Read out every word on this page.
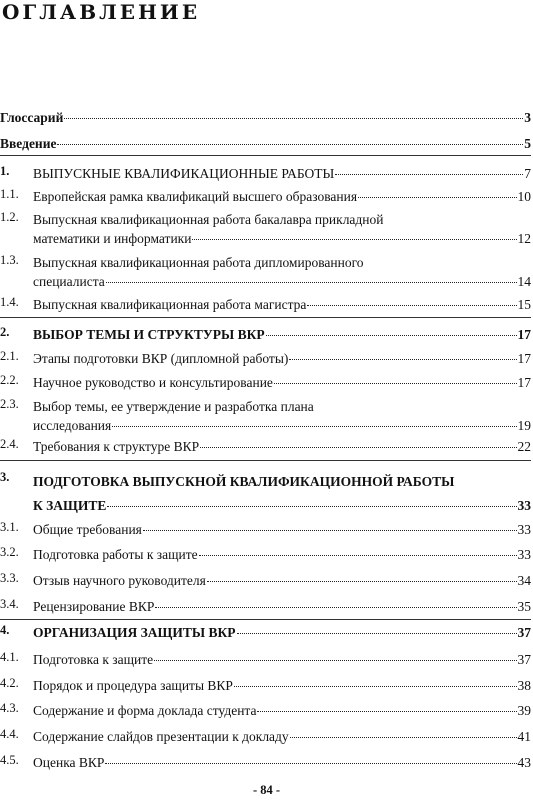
ОГЛАВЛЕНИЕ
Глоссарий	3
Введение	5
1. ВЫПУСКНЫЕ КВАЛИФИКАЦИОННЫЕ РАБОТЫ	7
1.1. Европейская рамка квалификаций высшего образования	10
1.2. Выпускная квалификационная работа бакалавра прикладной
математики и информатики	12
1.3. Выпускная квалификационная работа дипломированного
специалиста	14
1.4. Выпускная квалификационная работа магистра	15
2. ВЫБОР ТЕМЫ И СТРУКТУРЫ ВКР	17
2.1. Этапы подготовки ВКР (дипломной работы)	17
2.2. Научное руководство и консультирование	17
2.3. Выбор темы, ее утверждение и разработка плана
исследования	19
2.4. Требования к структуре ВКР	22
3. ПОДГОТОВКА ВЫПУСКНОЙ КВАЛИФИКАЦИОННОЙ РАБОТЫ
К ЗАЩИТЕ	33
3.1. Общие требования	33
3.2. Подготовка работы к защите	33
3.3. Отзыв научного руководителя	34
3.4. Рецензирование ВКР	35
4. ОРГАНИЗАЦИЯ ЗАЩИТЫ ВКР	37
4.1. Подготовка к защите	37
4.2. Порядок и процедура защиты ВКР	38
4.3. Содержание и форма доклада студента	39
4.4. Содержание слайдов презентации к докладу	41
4.5. Оценка ВКР	43
- 84 -
